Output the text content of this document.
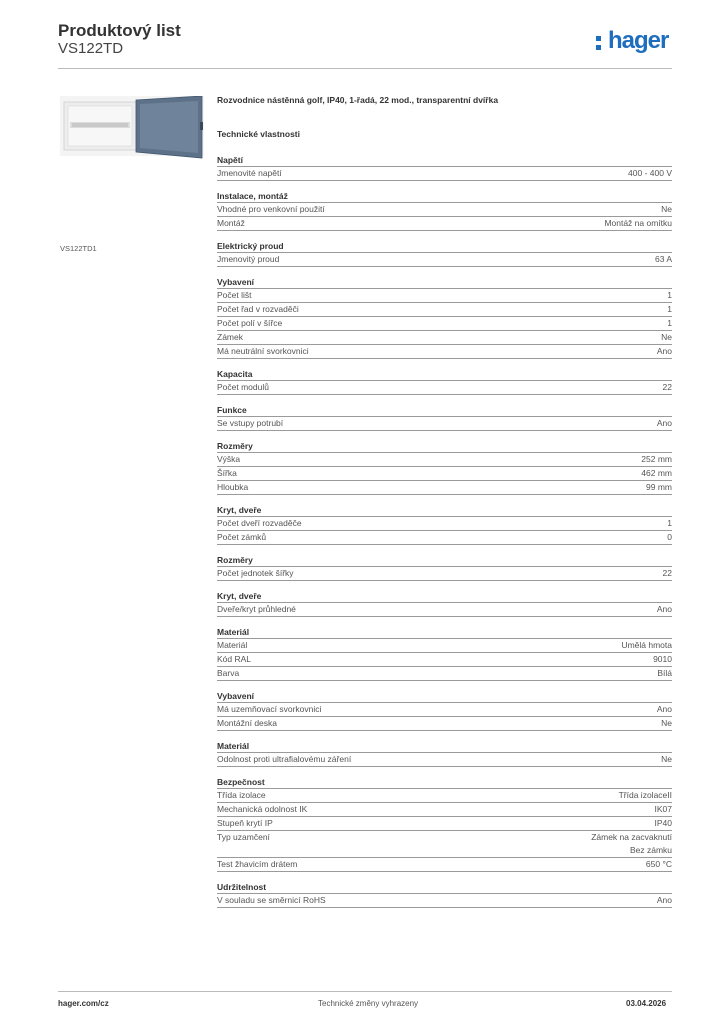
Produktový list
VS122TD	hager
VS122TD1
Rozvodnice nástěnná golf, IP40, 1-řadá, 22 mod., transparentní dvířka
Technické vlastnosti
Napětí
Jmenovité napětí	400 - 400 V
Instalace, montáž
Vhodné pro venkovní použití	Ne
Montáž	Montáž na omítku
Elektrický proud
Jmenovitý proud	63 A
Vybavení
Počet lišt	1
Počet řad v rozvaděči	1
Počet polí v šířce	1
Zámek	Ne
Má neutrální svorkovnici	Ano
Kapacita
Počet modulů	22
Funkce
Se vstupy potrubí	Ano
Rozměry
Výška	252 mm
Šířka	462 mm
Hloubka	99 mm
Kryt, dveře
Počet dveří rozvaděče	1
Počet zámků	0
Rozměry
Počet jednotek šířky	22
Kryt, dveře
Dveře/kryt průhledné	Ano
Materiál
Materiál	Umělá hmota
Kód RAL	9010
Barva	Bílá
Vybavení
Má uzemňovací svorkovnici	Ano
Montážní deska	Ne
Materiál
Odolnost proti ultrafialovému záření	Ne
Bezpečnost
Třída izolace	Třída izolaceII
Mechanická odolnost IK	IK07
Stupeň krytí IP	IP40
Typ uzamčení	Zámek na zacvaknutí
Bez zámku
Test žhavicím drátem	650 °C
Udržitelnost
V souladu se směrnicí RoHS	Ano
hager.com/cz	Technické změny vyhrazeny	03.04.2026
